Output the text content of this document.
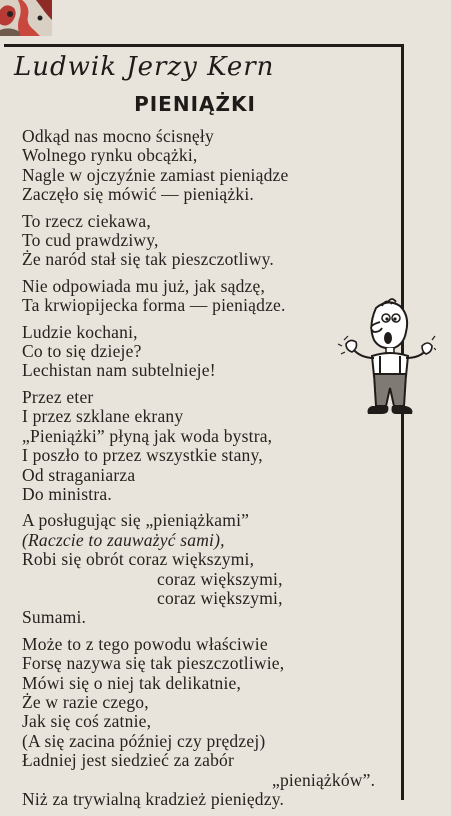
Ludwik Jerzy Kern
PIENIĄŻKI
Odkąd nas mocno ścisnęły
Wolnego rynku obcążki,
Nagle w ojczyźnie zamiast pieniądze
Zaczęło się mówić — pieniążki.
To rzecz ciekawa,
To cud prawdziwy,
Że naród stał się tak pieszczotliwy.
Nie odpowiada mu już, jak sądzę,
Ta krwiopijecka forma — pieniądze.
Ludzie kochani,
Co to się dzieje?
Lechistan nam subtelnieje!
Przez eter
I przez szklane ekrany
„Pieniążki” płyną jak woda bystra,
I poszło to przez wszystkie stany,
Od straganiarza
Do ministra.
A posługując się „pieniążkami”
(Raczcie to zauważyć sami),
Robi się obrót coraz większymi,
coraz większymi,
coraz większymi,
Sumami.
Może to z tego powodu właściwie
Forsę nazywa się tak pieszczotliwie,
Mówi się o niej tak delikatnie,
Że w razie czego,
Jak się coś zatnie,
(A się zacina później czy prędzej)
Ładniej jest siedzieć za zabór
„pieniążków”.
Niż za trywialną kradzież pieniędzy.
